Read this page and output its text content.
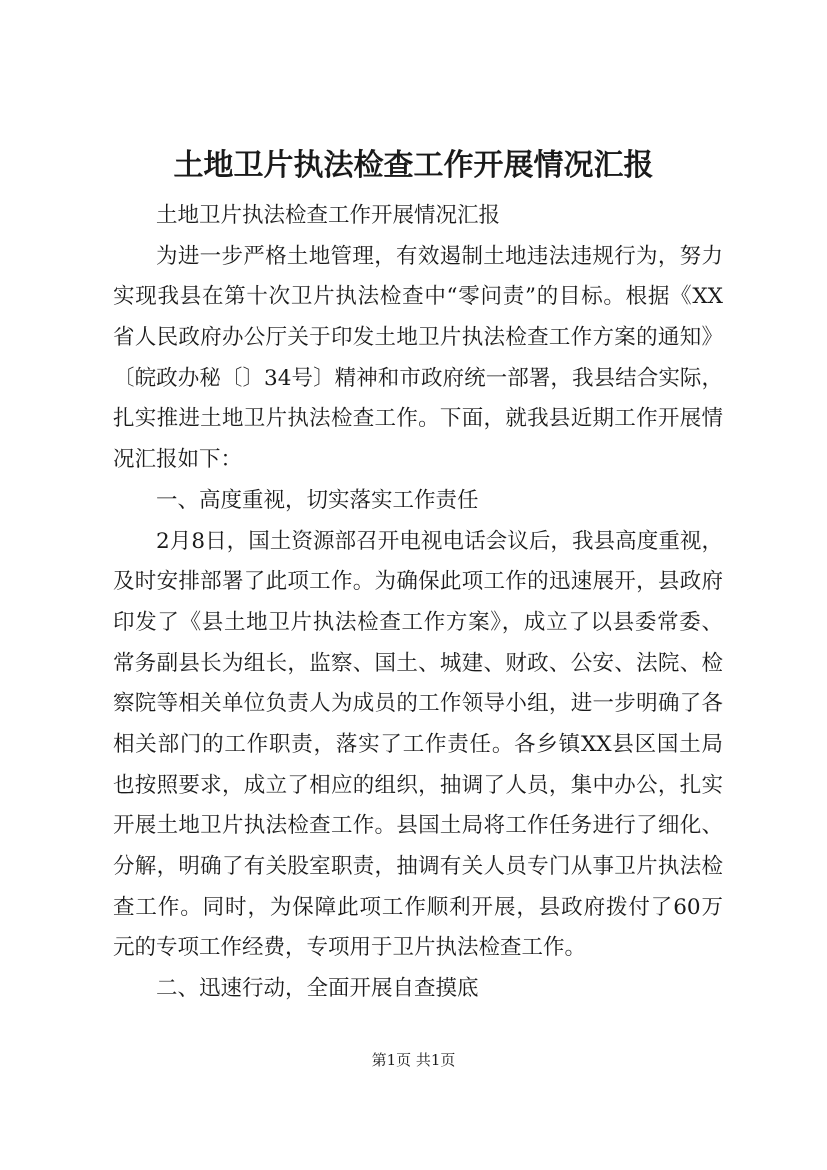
土地卫片执法检查工作开展情况汇报
土地卫片执法检查工作开展情况汇报
为进一步严格土地管理，有效遏制土地违法违规行为，努力
实现我县在第十次卫片执法检查中“零问责”的目标。根据《XX
省人民政府办公厅关于印发土地卫片执法检查工作方案的通知》
〔皖政办秘〔〕34号〕精神和市政府统一部署，我县结合实际，
扎实推进土地卫片执法检查工作。下面，就我县近期工作开展情
况汇报如下：
一、高度重视，切实落实工作责任
2月8日，国土资源部召开电视电话会议后，我县高度重视，
及时安排部署了此项工作。为确保此项工作的迅速展开，县政府
印发了《县土地卫片执法检查工作方案》，成立了以县委常委、
常务副县长为组长，监察、国土、城建、财政、公安、法院、检
察院等相关单位负责人为成员的工作领导小组，进一步明确了各
相关部门的工作职责，落实了工作责任。各乡镇XX县区国土局
也按照要求，成立了相应的组织，抽调了人员，集中办公，扎实
开展土地卫片执法检查工作。县国土局将工作任务进行了细化、
分解，明确了有关股室职责，抽调有关人员专门从事卫片执法检
查工作。同时，为保障此项工作顺利开展，县政府拨付了60万
元的专项工作经费，专项用于卫片执法检查工作。
二、迅速行动，全面开展自查摸底
第1页 共1页
